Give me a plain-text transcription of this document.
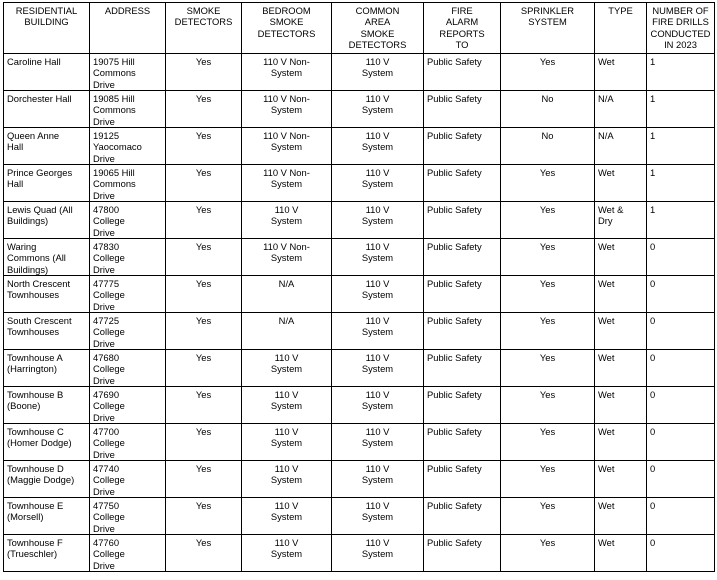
RESIDENTIAL
BUILDING	ADDRESS	SMOKE
DETECTORS	BEDROOM
SMOKE
DETECTORS	COMMON
AREA
SMOKE
DETECTORS	FIRE
ALARM
REPORTS
TO	SPRINKLER
SYSTEM	TYPE	NUMBER OF
FIRE DRILLS
CONDUCTED
IN 2023

Caroline Hall	19075 Hill
Commons
Drive	Yes	110 V Non-
System	110 V
System	Public Safety	Yes	Wet	1

Dorchester Hall	19085 Hill
Commons
Drive	Yes	110 V Non-
System	110 V
System	Public Safety	No	N/A	1

Queen Anne
Hall	19125
Yaocomaco
Drive	Yes	110 V Non-
System	110 V
System	Public Safety	No	N/A	1

Prince Georges
Hall	19065 Hill
Commons
Drive	Yes	110 V Non-
System	110 V
System	Public Safety	Yes	Wet	1

Lewis Quad (All
Buildings)	47800
College
Drive	Yes	110 V
System	110 V
System	Public Safety	Yes	Wet &
Dry	1

Waring
Commons (All
Buildings)	47830
College
Drive	Yes	110 V Non-
System	110 V
System	Public Safety	Yes	Wet	0

North Crescent
Townhouses	47775
College
Drive	Yes	N/A	110 V
System	Public Safety	Yes	Wet	0

South Crescent
Townhouses	47725
College
Drive	Yes	N/A	110 V
System	Public Safety	Yes	Wet	0

Townhouse A
(Harrington)	47680
College
Drive	Yes	110 V
System	110 V
System	Public Safety	Yes	Wet	0

Townhouse B
(Boone)	47690
College
Drive	Yes	110 V
System	110 V
System	Public Safety	Yes	Wet	0

Townhouse C
(Homer Dodge)	47700
College
Drive	Yes	110 V
System	110 V
System	Public Safety	Yes	Wet	0

Townhouse D
(Maggie Dodge)	47740
College
Drive	Yes	110 V
System	110 V
System	Public Safety	Yes	Wet	0

Townhouse E
(Morsell)	47750
College
Drive	Yes	110 V
System	110 V
System	Public Safety	Yes	Wet	0

Townhouse F
(Trueschler)	47760
College
Drive	Yes	110 V
System	110 V
System	Public Safety	Yes	Wet	0
